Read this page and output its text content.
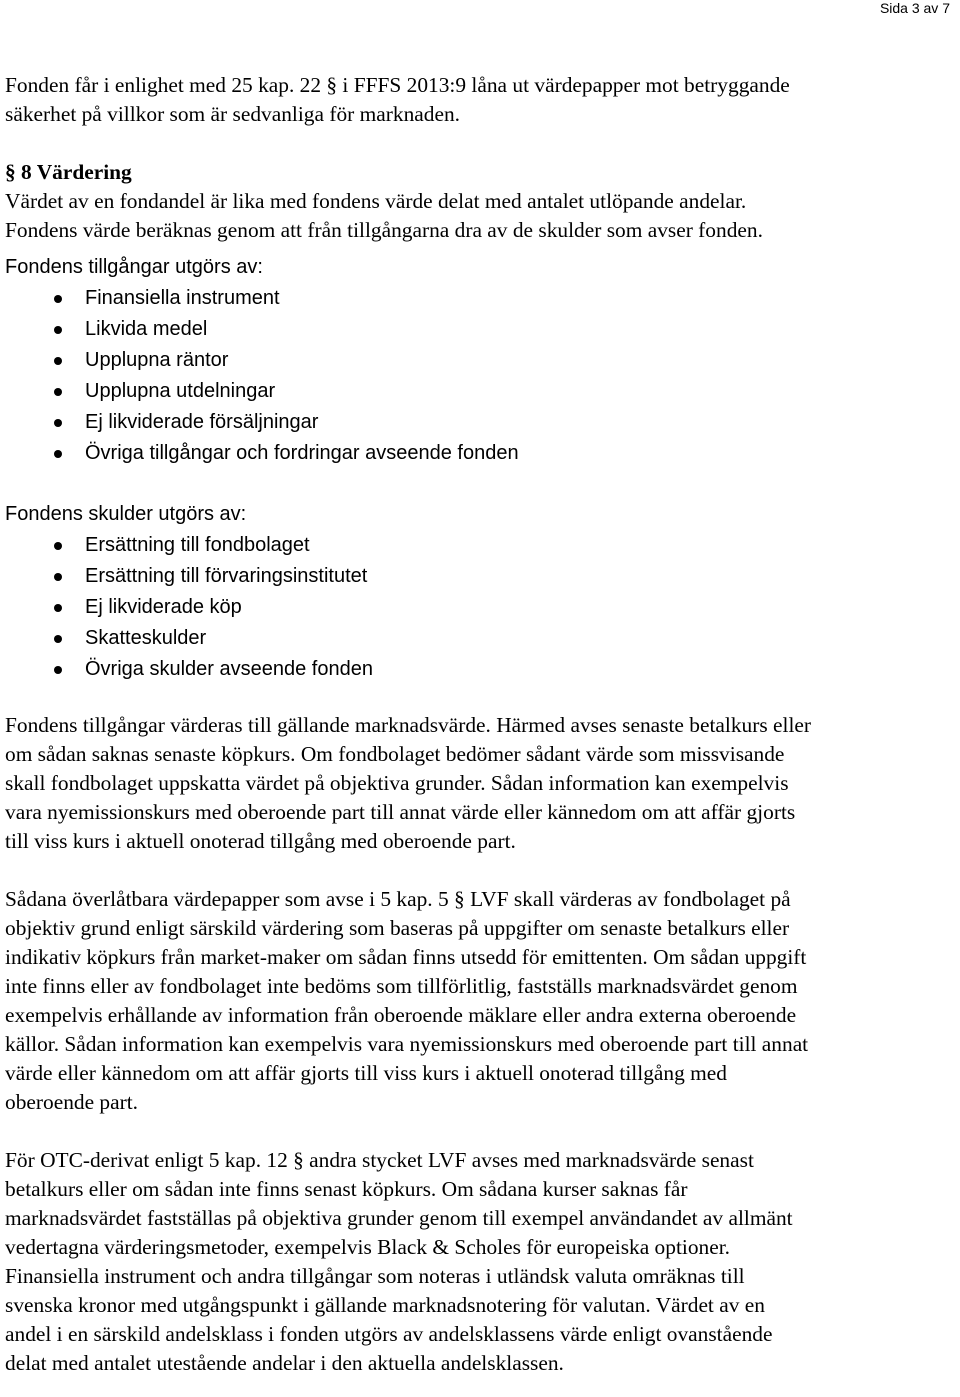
Sida 3 av 7

Fonden får i enlighet med 25 kap. 22 § i FFFS 2013:9 låna ut värdepapper mot betryggande
säkerhet på villkor som är sedvanliga för marknaden.

§ 8 Värdering
Värdet av en fondandel är lika med fondens värde delat med antalet utlöpande andelar.
Fondens värde beräknas genom att från tillgångarna dra av de skulder som avser fonden.

Fondens tillgångar utgörs av:

Finansiella instrument
Likvida medel
Upplupna räntor
Upplupna utdelningar
Ej likviderade försäljningar
Övriga tillgångar och fordringar avseende fonden

Fondens skulder utgörs av:

Ersättning till fondbolaget
Ersättning till förvaringsinstitutet
Ej likviderade köp
Skatteskulder
Övriga skulder avseende fonden

Fondens tillgångar värderas till gällande marknadsvärde. Härmed avses senaste betalkurs eller
om sådan saknas senaste köpkurs. Om fondbolaget bedömer sådant värde som missvisande
skall fondbolaget uppskatta värdet på objektiva grunder. Sådan information kan exempelvis
vara nyemissionskurs med oberoende part till annat värde eller kännedom om att affär gjorts
till viss kurs i aktuell onoterad tillgång med oberoende part.

Sådana överlåtbara värdepapper som avse i 5 kap. 5 § LVF skall värderas av fondbolaget på
objektiv grund enligt särskild värdering som baseras på uppgifter om senaste betalkurs eller
indikativ köpkurs från market-maker om sådan finns utsedd för emittenten. Om sådan uppgift
inte finns eller av fondbolaget inte bedöms som tillförlitlig, fastställs marknadsvärdet genom
exempelvis erhållande av information från oberoende mäklare eller andra externa oberoende
källor. Sådan information kan exempelvis vara nyemissionskurs med oberoende part till annat
värde eller kännedom om att affär gjorts till viss kurs i aktuell onoterad tillgång med
oberoende part.

För OTC-derivat enligt 5 kap. 12 § andra stycket LVF avses med marknadsvärde senast
betalkurs eller om sådan inte finns senast köpkurs. Om sådana kurser saknas får
marknadsvärdet fastställas på objektiva grunder genom till exempel användandet av allmänt
vedertagna värderingsmetoder, exempelvis Black & Scholes för europeiska optioner.
Finansiella instrument och andra tillgångar som noteras i utländsk valuta omräknas till
svenska kronor med utgångspunkt i gällande marknadsnotering för valutan. Värdet av en
andel i en särskild andelsklass i fonden utgörs av andelsklassens värde enligt ovanstående
delat med antalet utestående andelar i den aktuella andelsklassen.
